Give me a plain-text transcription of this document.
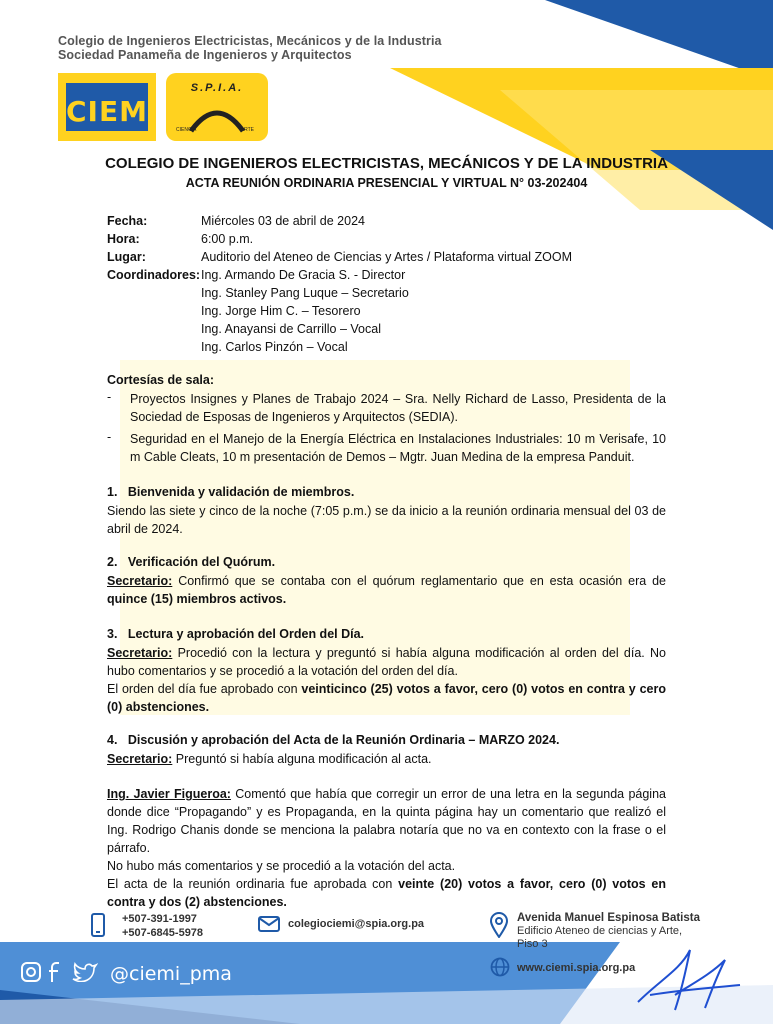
Colegio de Ingenieros Electricistas, Mecánicos y de la Industria
Sociedad Panameña de Ingenieros y Arquitectos
CIEMI
S.P.I.A.
CIENCIA	ARTE
COLEGIO DE INGENIEROS ELECTRICISTAS, MECÁNICOS Y DE LA INDUSTRIA
ACTA REUNIÓN ORDINARIA PRESENCIAL Y VIRTUAL N° 03-202404
Fecha:	Miércoles 03 de abril de 2024
Hora:	6:00 p.m.
Lugar:	Auditorio del Ateneo de Ciencias y Artes / Plataforma virtual ZOOM
Coordinadores: Ing. Armando De Gracia S. - Director
Ing. Stanley Pang Luque – Secretario
Ing. Jorge Him C. – Tesorero
Ing. Anayansi de Carrillo – Vocal
Ing. Carlos Pinzón – Vocal
Cortesías de sala:
- Proyectos Insignes y Planes de Trabajo 2024 – Sra. Nelly Richard de Lasso, Presidenta de la Sociedad de Esposas de Ingenieros y Arquitectos (SEDIA).
- Seguridad en el Manejo de la Energía Eléctrica en Instalaciones Industriales: 10 m Verisafe, 10 m Cable Cleats, 10 m presentación de Demos – Mgtr. Juan Medina de la empresa Panduit.
1.   Bienvenida y validación de miembros.
Siendo las siete y cinco de la noche (7:05 p.m.) se da inicio a la reunión ordinaria mensual del 03 de abril de 2024.
2.   Verificación del Quórum.
Secretario: Confirmó que se contaba con el quórum reglamentario que en esta ocasión era de quince (15) miembros activos.
3.   Lectura y aprobación del Orden del Día.
Secretario: Procedió con la lectura y preguntó si había alguna modificación al orden del día. No hubo comentarios y se procedió a la votación del orden del día.
El orden del día fue aprobado con veinticinco (25) votos a favor, cero (0) votos en contra y cero (0) abstenciones.
4.   Discusión y aprobación del Acta de la Reunión Ordinaria – MARZO 2024.
Secretario: Preguntó si había alguna modificación al acta.
Ing. Javier Figueroa: Comentó que había que corregir un error de una letra en la segunda página donde dice “Propagando” y es Propaganda, en la quinta página hay un comentario que realizó el Ing. Rodrigo Chanis donde se menciona la palabra notaría que no va en contexto con la frase o el párrafo.
No hubo más comentarios y se procedió a la votación del acta.
El acta de la reunión ordinaria fue aprobada con veinte (20) votos a favor, cero (0) votos en contra y dos (2) abstenciones.
+507-391-1997
+507-6845-5978
colegiociemi@spia.org.pa	Avenida Manuel Espinosa Batista
Edificio Ateneo de ciencias y Arte,
Piso 3
www.ciemi.spia.org.pa
@ciemi_pma
